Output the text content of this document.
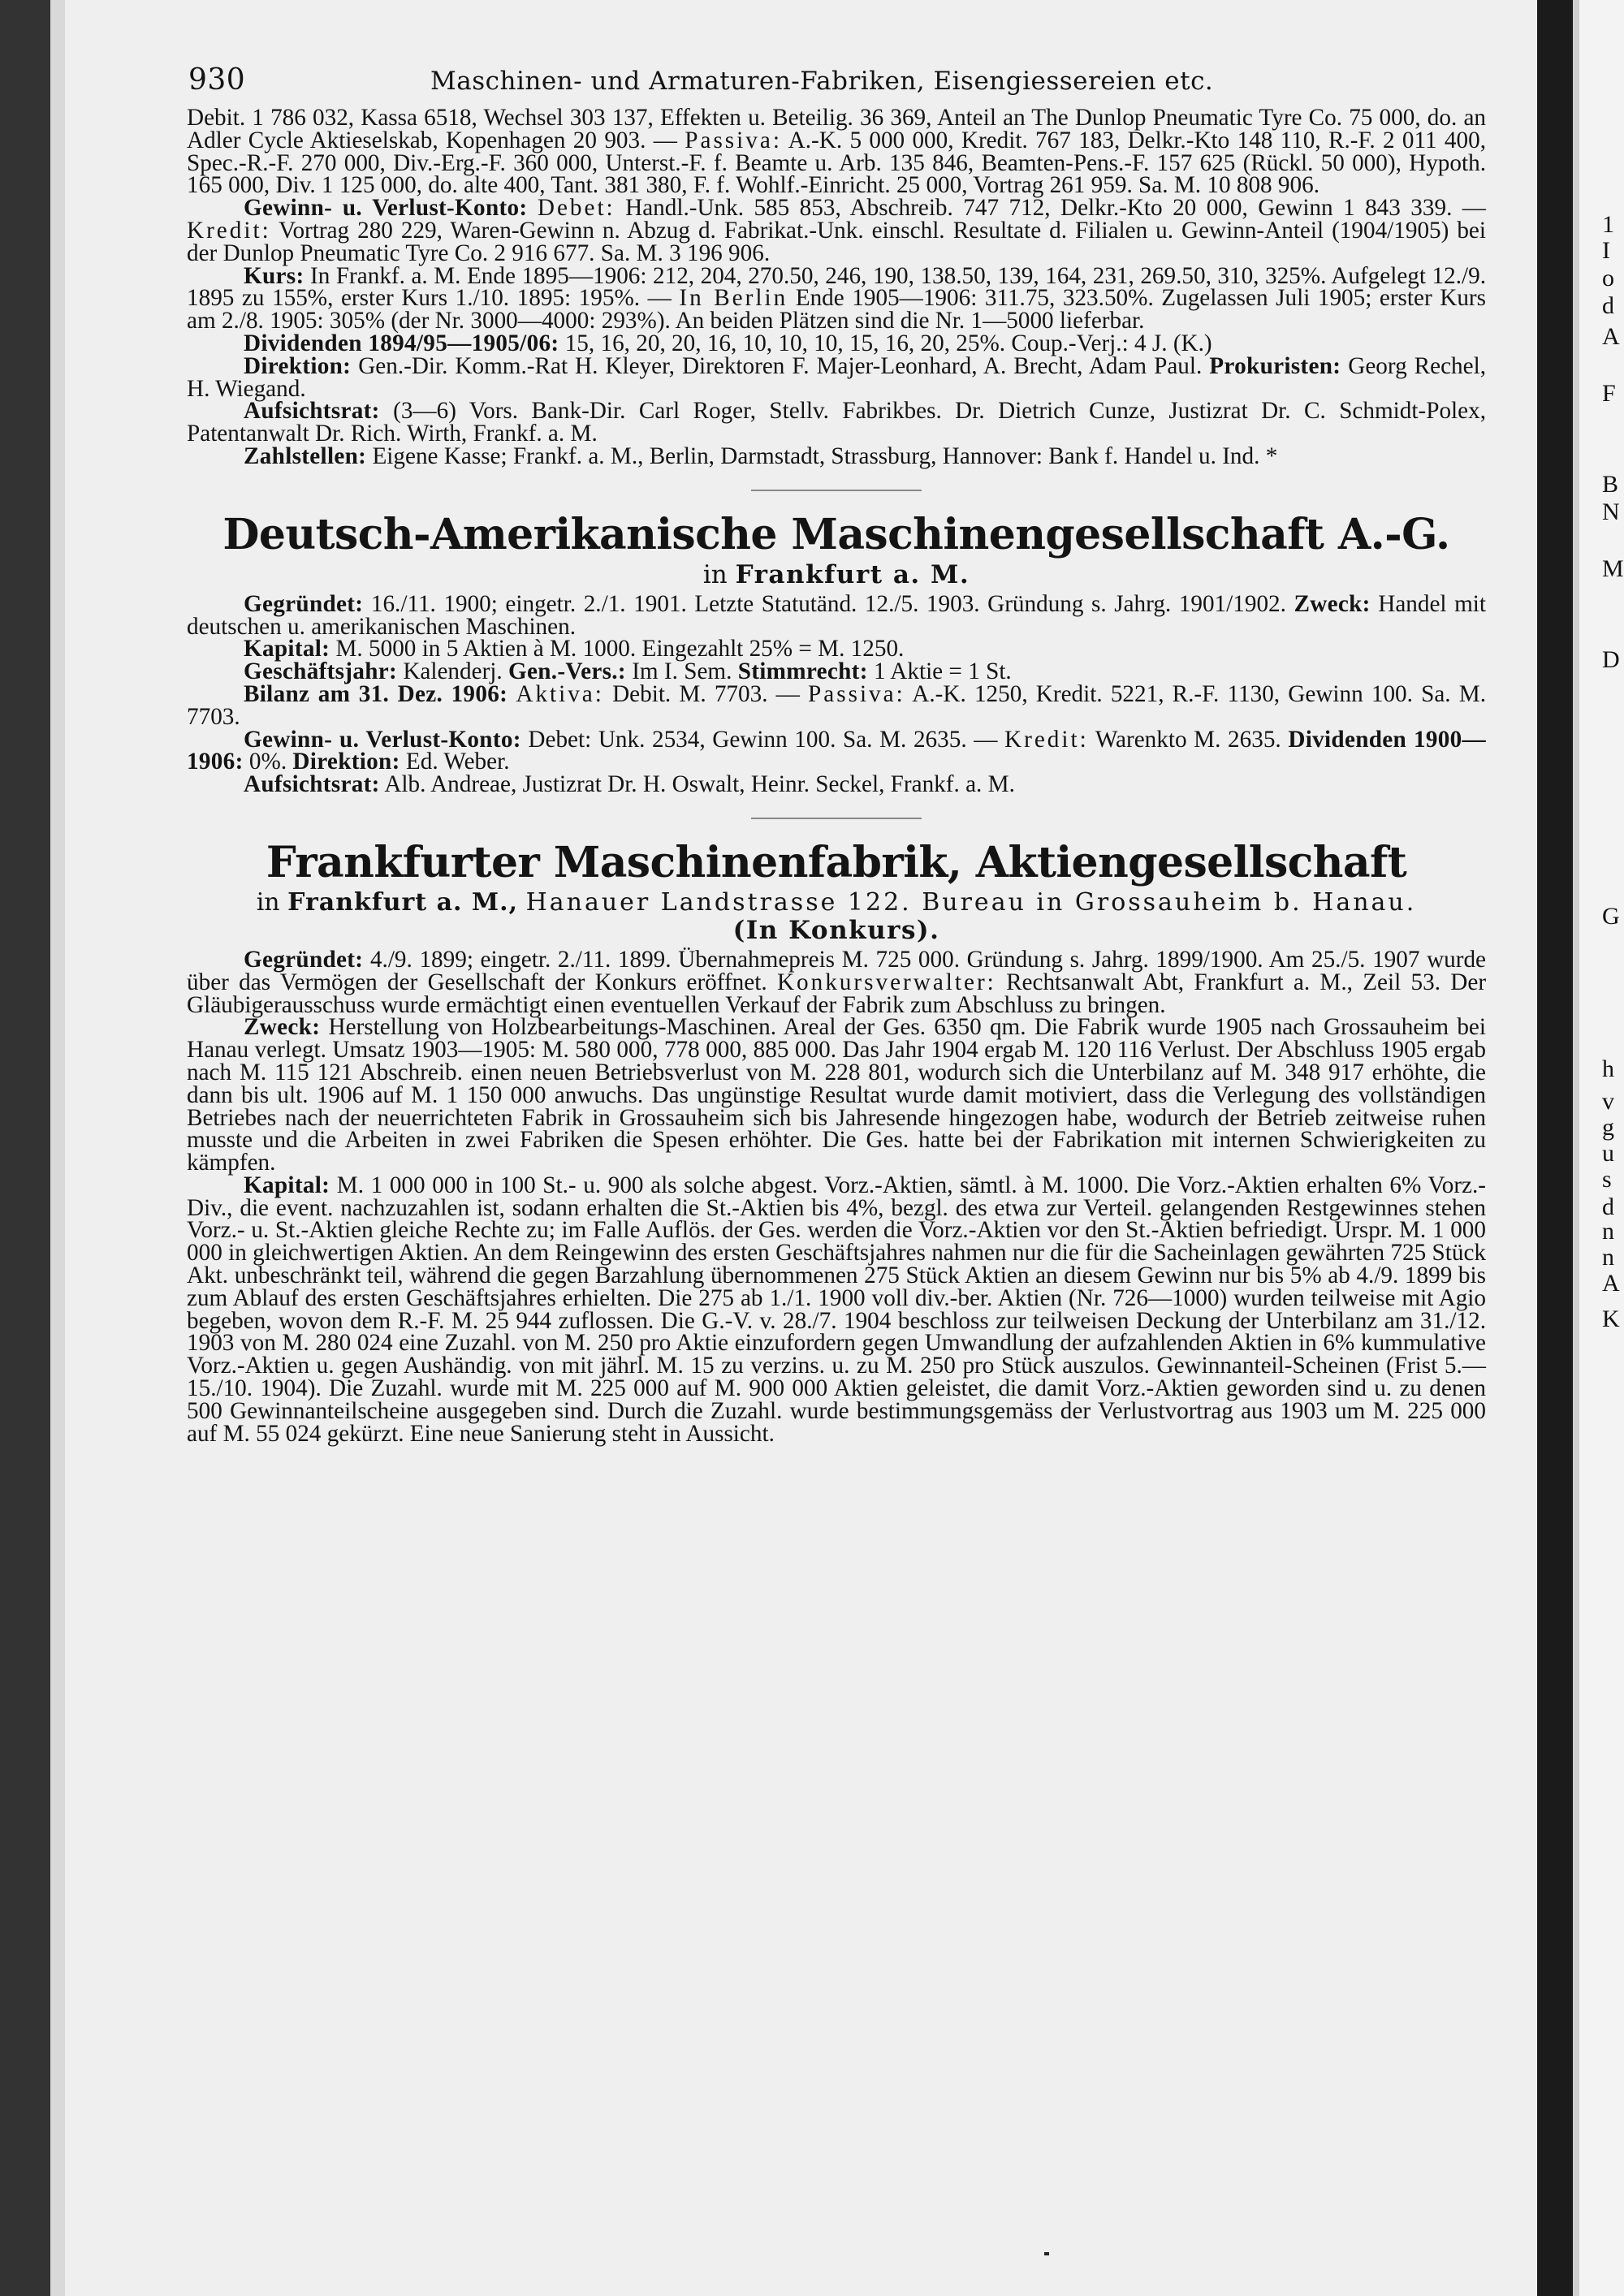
1
I
o
d
A
F
B
N
M
D
G
h
v
g
u
s
d
n
n
A
K
930	Maschinen- und Armaturen-Fabriken, Eisengiessereien etc.

Debit. 1 786 032, Kassa 6518, Wechsel 303 137, Effekten u. Beteilig. 36 369, Anteil an The Dunlop Pneumatic Tyre Co. 75 000, do. an Adler Cycle Aktieselskab, Kopenhagen 20 903. — Passiva: A.-K. 5 000 000, Kredit. 767 183, Delkr.-Kto 148 110, R.-F. 2 011 400, Spec.-R.-F. 270 000, Div.-Erg.-F. 360 000, Unterst.-F. f. Beamte u. Arb. 135 846, Beamten-Pens.-F. 157 625 (Rückl. 50 000), Hypoth. 165 000, Div. 1 125 000, do. alte 400, Tant. 381 380, F. f. Wohlf.-Einricht. 25 000, Vortrag 261 959. Sa. M. 10 808 906.

Gewinn- u. Verlust-Konto: Debet: Handl.-Unk. 585 853, Abschreib. 747 712, Delkr.-Kto 20 000, Gewinn 1 843 339. — Kredit: Vortrag 280 229, Waren-Gewinn n. Abzug d. Fabrikat.-Unk. einschl. Resultate d. Filialen u. Gewinn-Anteil (1904/1905) bei der Dunlop Pneumatic Tyre Co. 2 916 677. Sa. M. 3 196 906.

Kurs: In Frankf. a. M. Ende 1895—1906: 212, 204, 270.50, 246, 190, 138.50, 139, 164, 231, 269.50, 310, 325%. Aufgelegt 12./9. 1895 zu 155%, erster Kurs 1./10. 1895: 195%. — In Berlin Ende 1905—1906: 311.75, 323.50%. Zugelassen Juli 1905; erster Kurs am 2./8. 1905: 305% (der Nr. 3000—4000: 293%). An beiden Plätzen sind die Nr. 1—5000 lieferbar.

Dividenden 1894/95—1905/06: 15, 16, 20, 20, 16, 10, 10, 10, 15, 16, 20, 25%. Coup.-Verj.: 4 J. (K.)

Direktion: Gen.-Dir. Komm.-Rat H. Kleyer, Direktoren F. Majer-Leonhard, A. Brecht, Adam Paul. Prokuristen: Georg Rechel, H. Wiegand.

Aufsichtsrat: (3—6) Vors. Bank-Dir. Carl Roger, Stellv. Fabrikbes. Dr. Dietrich Cunze, Justizrat Dr. C. Schmidt-Polex, Patentanwalt Dr. Rich. Wirth, Frankf. a. M.

Zahlstellen: Eigene Kasse; Frankf. a. M., Berlin, Darmstadt, Strassburg, Hannover: Bank f. Handel u. Ind. *

Deutsch-Amerikanische Maschinengesellschaft A.-G.
in Frankfurt a. M.

Gegründet: 16./11. 1900; eingetr. 2./1. 1901. Letzte Statutänd. 12./5. 1903. Gründung s. Jahrg. 1901/1902. Zweck: Handel mit deutschen u. amerikanischen Maschinen.

Kapital: M. 5000 in 5 Aktien à M. 1000. Eingezahlt 25% = M. 1250.

Geschäftsjahr: Kalenderj. Gen.-Vers.: Im I. Sem. Stimmrecht: 1 Aktie = 1 St.

Bilanz am 31. Dez. 1906: Aktiva: Debit. M. 7703. — Passiva: A.-K. 1250, Kredit. 5221, R.-F. 1130, Gewinn 100. Sa. M. 7703.

Gewinn- u. Verlust-Konto: Debet: Unk. 2534, Gewinn 100. Sa. M. 2635. — Kredit: Warenkto M. 2635. Dividenden 1900—1906: 0%. Direktion: Ed. Weber.

Aufsichtsrat: Alb. Andreae, Justizrat Dr. H. Oswalt, Heinr. Seckel, Frankf. a. M.

Frankfurter Maschinenfabrik, Aktiengesellschaft
in Frankfurt a. M., Hanauer Landstrasse 122. Bureau in Grossauheim b. Hanau.
(In Konkurs).

Gegründet: 4./9. 1899; eingetr. 2./11. 1899. Übernahmepreis M. 725 000. Gründung s. Jahrg. 1899/1900. Am 25./5. 1907 wurde über das Vermögen der Gesellschaft der Konkurs eröffnet. Konkursverwalter: Rechtsanwalt Abt, Frankfurt a. M., Zeil 53. Der Gläubigerausschuss wurde ermächtigt einen eventuellen Verkauf der Fabrik zum Abschluss zu bringen.

Zweck: Herstellung von Holzbearbeitungs-Maschinen. Areal der Ges. 6350 qm. Die Fabrik wurde 1905 nach Grossauheim bei Hanau verlegt. Umsatz 1903—1905: M. 580 000, 778 000, 885 000. Das Jahr 1904 ergab M. 120 116 Verlust. Der Abschluss 1905 ergab nach M. 115 121 Abschreib. einen neuen Betriebsverlust von M. 228 801, wodurch sich die Unterbilanz auf M. 348 917 erhöhte, die dann bis ult. 1906 auf M. 1 150 000 anwuchs. Das ungünstige Resultat wurde damit motiviert, dass die Verlegung des vollständigen Betriebes nach der neuerrichteten Fabrik in Grossauheim sich bis Jahresende hingezogen habe, wodurch der Betrieb zeitweise ruhen musste und die Arbeiten in zwei Fabriken die Spesen erhöhter. Die Ges. hatte bei der Fabrikation mit internen Schwierigkeiten zu kämpfen.

Kapital: M. 1 000 000 in 100 St.- u. 900 als solche abgest. Vorz.-Aktien, sämtl. à M. 1000. Die Vorz.-Aktien erhalten 6% Vorz.-Div., die event. nachzuzahlen ist, sodann erhalten die St.-Aktien bis 4%, bezgl. des etwa zur Verteil. gelangenden Restgewinnes stehen Vorz.- u. St.-Aktien gleiche Rechte zu; im Falle Auflös. der Ges. werden die Vorz.-Aktien vor den St.-Aktien befriedigt. Urspr. M. 1 000 000 in gleichwertigen Aktien. An dem Reingewinn des ersten Geschäftsjahres nahmen nur die für die Sacheinlagen gewährten 725 Stück Akt. unbeschränkt teil, während die gegen Barzahlung übernommenen 275 Stück Aktien an diesem Gewinn nur bis 5% ab 4./9. 1899 bis zum Ablauf des ersten Geschäftsjahres erhielten. Die 275 ab 1./1. 1900 voll div.-ber. Aktien (Nr. 726—1000) wurden teilweise mit Agio begeben, wovon dem R.-F. M. 25 944 zuflossen. Die G.-V. v. 28./7. 1904 beschloss zur teilweisen Deckung der Unterbilanz am 31./12. 1903 von M. 280 024 eine Zuzahl. von M. 250 pro Aktie einzufordern gegen Umwandlung der aufzahlenden Aktien in 6% kummulative Vorz.-Aktien u. gegen Aushändig. von mit jährl. M. 15 zu verzins. u. zu M. 250 pro Stück auszulos. Gewinnanteil-Scheinen (Frist 5.—15./10. 1904). Die Zuzahl. wurde mit M. 225 000 auf M. 900 000 Aktien geleistet, die damit Vorz.-Aktien geworden sind u. zu denen 500 Gewinnanteilscheine ausgegeben sind. Durch die Zuzahl. wurde bestimmungsgemäss der Verlustvortrag aus 1903 um M. 225 000 auf M. 55 024 gekürzt. Eine neue Sanierung steht in Aussicht.
